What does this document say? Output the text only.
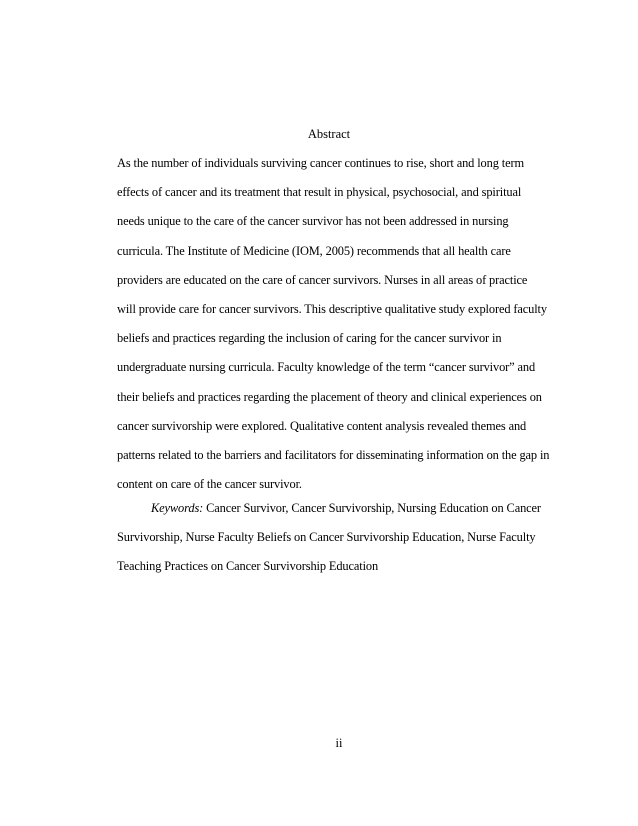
Abstract
As the number of individuals surviving cancer continues to rise, short and long term
effects of cancer and its treatment that result in physical, psychosocial, and spiritual
needs unique to the care of the cancer survivor has not been addressed in nursing
curricula. The Institute of Medicine (IOM, 2005) recommends that all health care
providers are educated on the care of cancer survivors. Nurses in all areas of practice
will provide care for cancer survivors. This descriptive qualitative study explored faculty
beliefs and practices regarding the inclusion of caring for the cancer survivor in
undergraduate nursing curricula. Faculty knowledge of the term “cancer survivor” and
their beliefs and practices regarding the placement of theory and clinical experiences on
cancer survivorship were explored. Qualitative content analysis revealed themes and
patterns related to the barriers and facilitators for disseminating information on the gap in
content on care of the cancer survivor.
Keywords: Cancer Survivor, Cancer Survivorship, Nursing Education on Cancer
Survivorship, Nurse Faculty Beliefs on Cancer Survivorship Education, Nurse Faculty
Teaching Practices on Cancer Survivorship Education
ii
